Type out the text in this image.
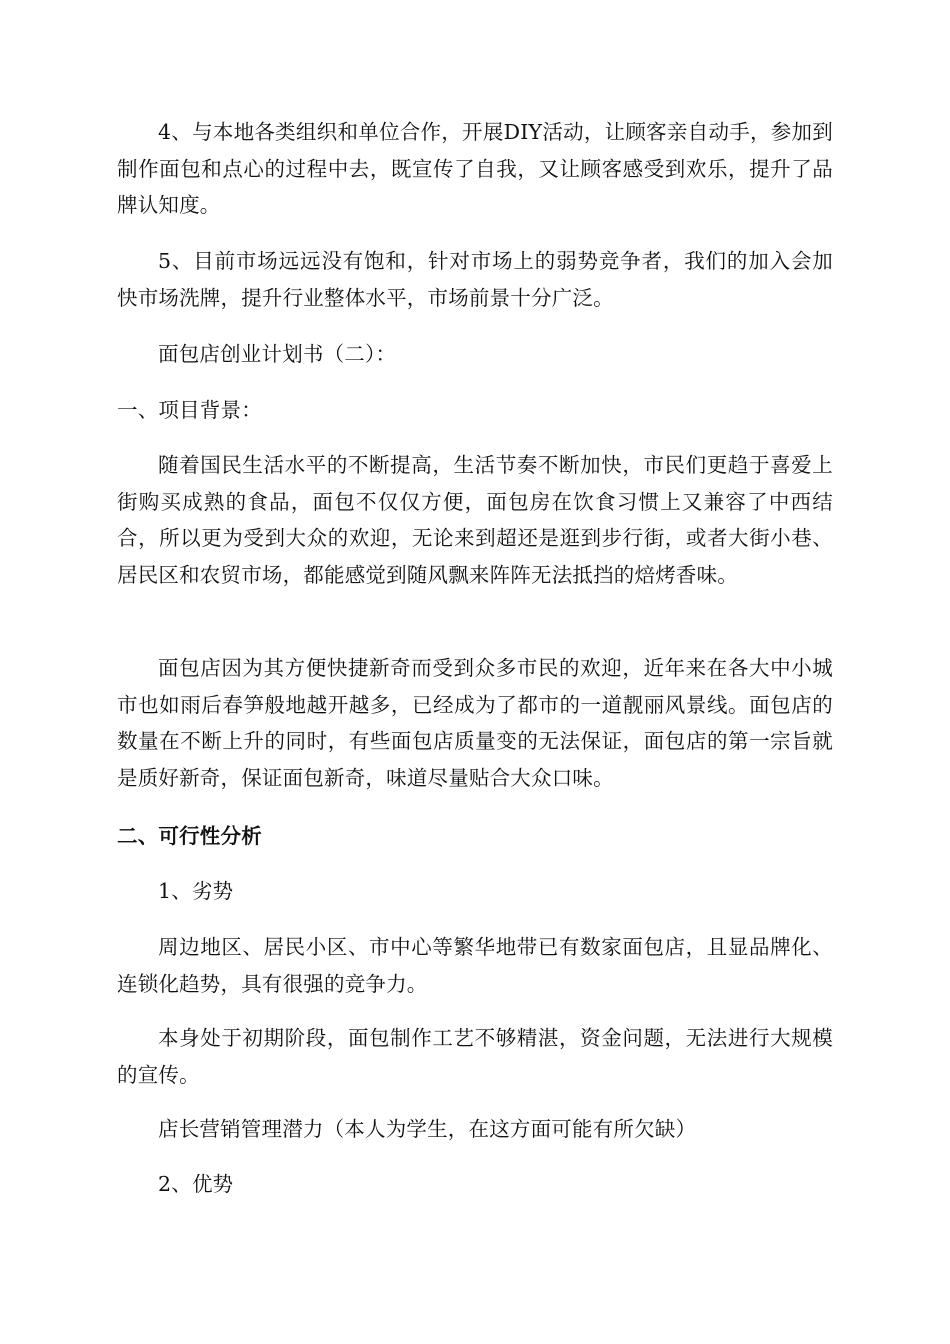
4、与本地各类组织和单位合作，开展DIY活动，让顾客亲自动手，参加到制作面包和点心的过程中去，既宣传了自我，又让顾客感受到欢乐，提升了品牌认知度。

5、目前市场远远没有饱和，针对市场上的弱势竞争者，我们的加入会加快市场洗牌，提升行业整体水平，市场前景十分广泛。

面包店创业计划书（二）：

一、项目背景：

随着国民生活水平的不断提高，生活节奏不断加快，市民们更趋于喜爱上街购买成熟的食品，面包不仅仅方便，面包房在饮食习惯上又兼容了中西结合，所以更为受到大众的欢迎，无论来到超还是逛到步行街，或者大街小巷、居民区和农贸市场，都能感觉到随风飘来阵阵无法抵挡的焙烤香味。

面包店因为其方便快捷新奇而受到众多市民的欢迎，近年来在各大中小城市也如雨后春笋般地越开越多，已经成为了都市的一道靓丽风景线。面包店的数量在不断上升的同时，有些面包店质量变的无法保证，面包店的第一宗旨就是质好新奇，保证面包新奇，味道尽量贴合大众口味。

二、可行性分析

1、劣势

周边地区、居民小区、市中心等繁华地带已有数家面包店，且显品牌化、连锁化趋势，具有很强的竞争力。

本身处于初期阶段，面包制作工艺不够精湛，资金问题，无法进行大规模的宣传。

店长营销管理潜力（本人为学生，在这方面可能有所欠缺）

2、优势
